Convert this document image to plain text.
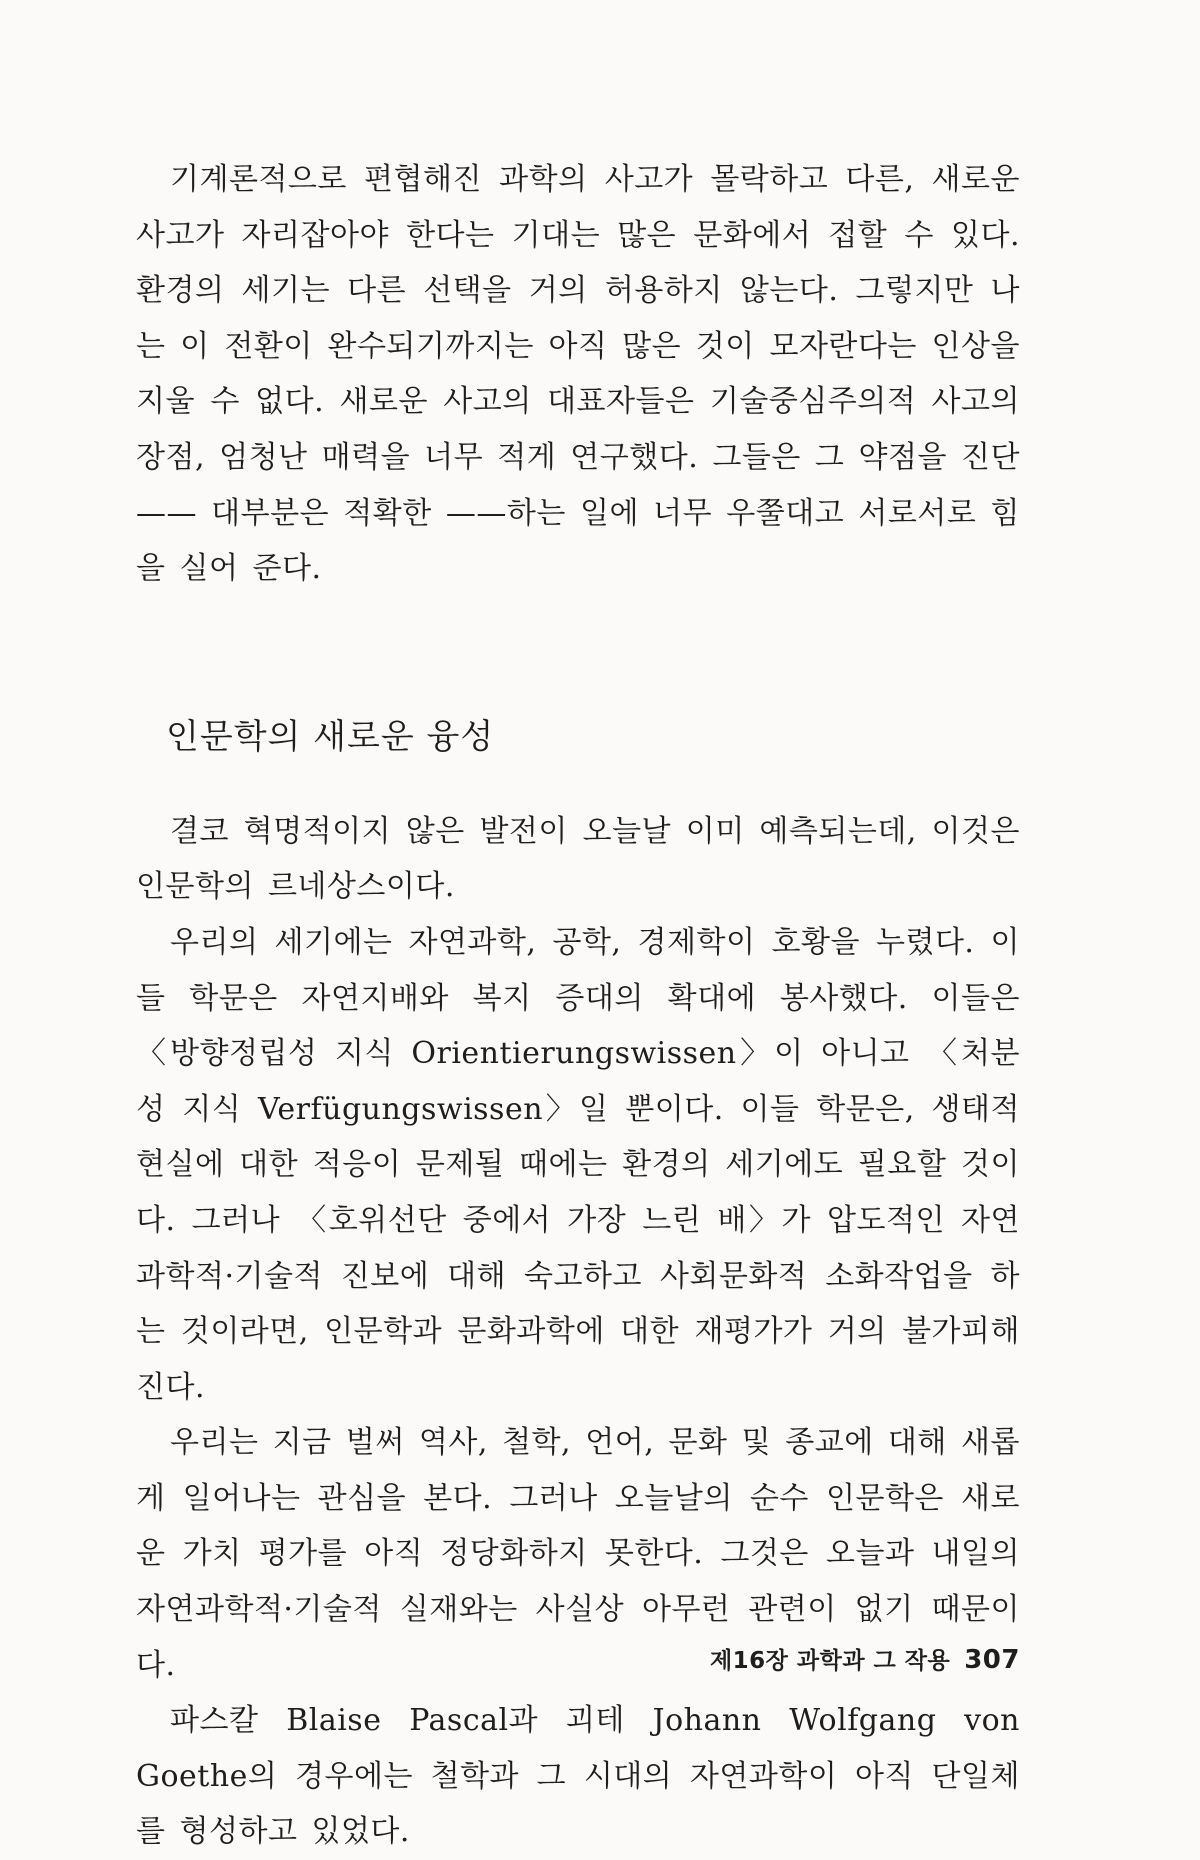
기계론적으로 편협해진 과학의 사고가 몰락하고 다른, 새로운 사고가 자리잡아야 한다는 기대는 많은 문화에서 접할 수 있다. 환경의 세기는 다른 선택을 거의 허용하지 않는다. 그렇지만 나는 이 전환이 완수되기까지는 아직 많은 것이 모자란다는 인상을 지울 수 없다. 새로운 사고의 대표자들은 기술중심주의적 사고의 장점, 엄청난 매력을 너무 적게 연구했다. 그들은 그 약점을 진단—— 대부분은 적확한 ——하는 일에 너무 우쭐대고 서로서로 힘을 실어 준다.

인문학의 새로운 융성

결코 혁명적이지 않은 발전이 오늘날 이미 예측되는데, 이것은 인문학의 르네상스이다.

우리의 세기에는 자연과학, 공학, 경제학이 호황을 누렸다. 이들 학문은 자연지배와 복지 증대의 확대에 봉사했다. 이들은 〈방향정립성 지식 Orientierungswissen〉이 아니고 〈처분성 지식 Verfügungswissen〉일 뿐이다. 이들 학문은, 생태적 현실에 대한 적응이 문제될 때에는 환경의 세기에도 필요할 것이다. 그러나 〈호위선단 중에서 가장 느린 배〉가 압도적인 자연과학적·기술적 진보에 대해 숙고하고 사회문화적 소화작업을 하는 것이라면, 인문학과 문화과학에 대한 재평가가 거의 불가피해진다.

우리는 지금 벌써 역사, 철학, 언어, 문화 및 종교에 대해 새롭게 일어나는 관심을 본다. 그러나 오늘날의 순수 인문학은 새로운 가치 평가를 아직 정당화하지 못한다. 그것은 오늘과 내일의 자연과학적·기술적 실재와는 사실상 아무런 관련이 없기 때문이다.

파스칼 Blaise Pascal과 괴테 Johann Wolfgang von Goethe의 경우에는 철학과 그 시대의 자연과학이 아직 단일체를 형성하고 있었다.

제16장 과학과 그 작용 307
